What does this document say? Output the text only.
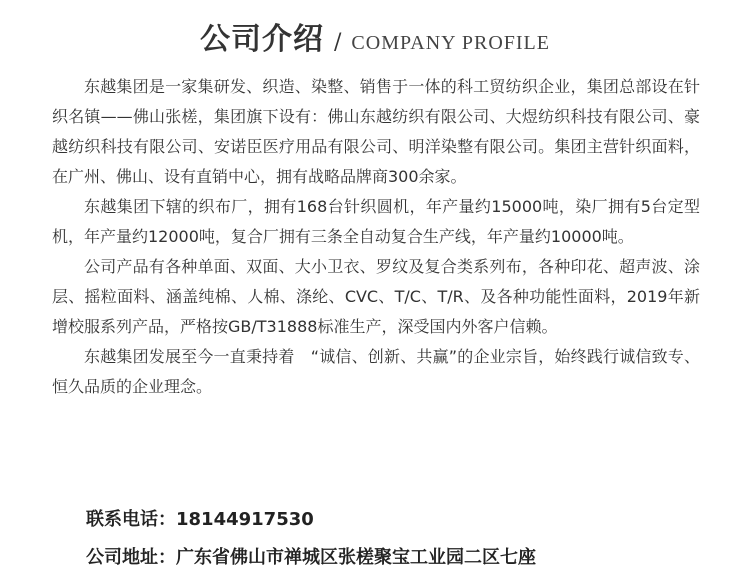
公司介绍 / COMPANY PROFILE

东越集团是一家集研发、织造、染整、销售于一体的科工贸纺织企业，集团总部设在针织名镇——佛山张槎，集团旗下设有：佛山东越纺织有限公司、大煜纺织科技有限公司、豪越纺织科技有限公司、安诺臣医疗用品有限公司、明洋染整有限公司。集团主营针织面料，在广州、佛山、设有直销中心，拥有战略品牌商300余家。

东越集团下辖的织布厂，拥有168台针织圆机，年产量约15000吨，染厂拥有5台定型机，年产量约12000吨，复合厂拥有三条全自动复合生产线，年产量约10000吨。

公司产品有各种单面、双面、大小卫衣、罗纹及复合类系列布，各种印花、超声波、涂层、摇粒面料、涵盖纯棉、人棉、涤纶、CVC、T/C、T/R、及各种功能性面料，2019年新增校服系列产品，严格按GB/T31888标准生产，深受国内外客户信赖。

东越集团发展至今一直秉持着　“诚信、创新、共赢”的企业宗旨，始终践行诚信致专、恒久品质的企业理念。

联系电话：18144917530
公司地址：广东省佛山市禅城区张槎聚宝工业园二区七座
